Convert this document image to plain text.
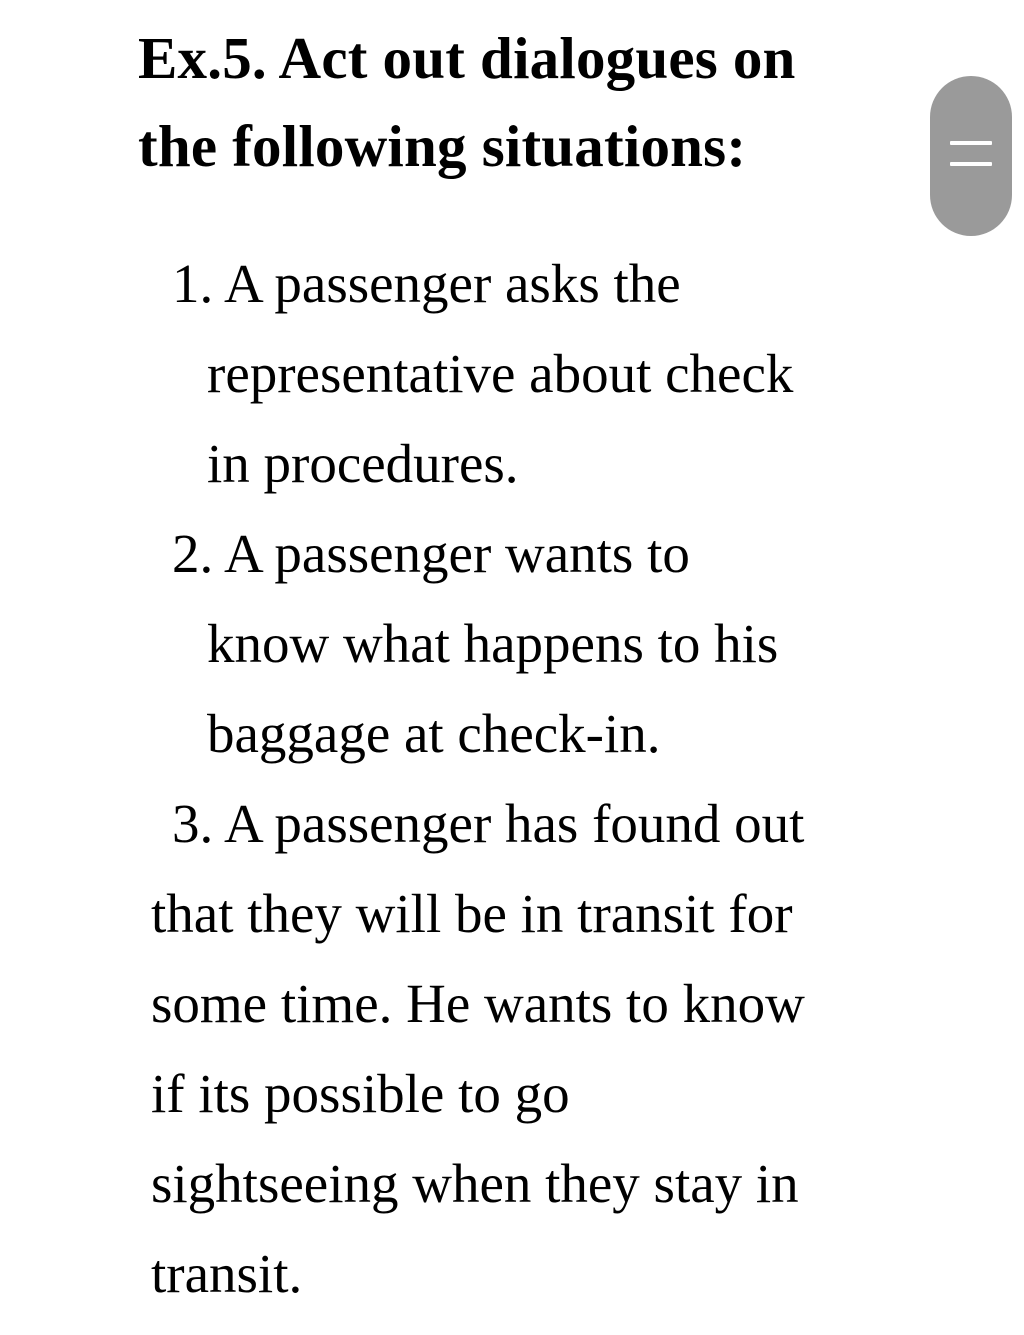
Ex.5. Act out dialogues on
the following situations:

1. A passenger asks the

representative about check

in procedures.

2. A passenger wants to

know what happens to his

baggage at check-in.

3. A passenger has found out

that they will be in transit for

some time. He wants to know

if its possible to go

sightseeing when they stay in

transit.
